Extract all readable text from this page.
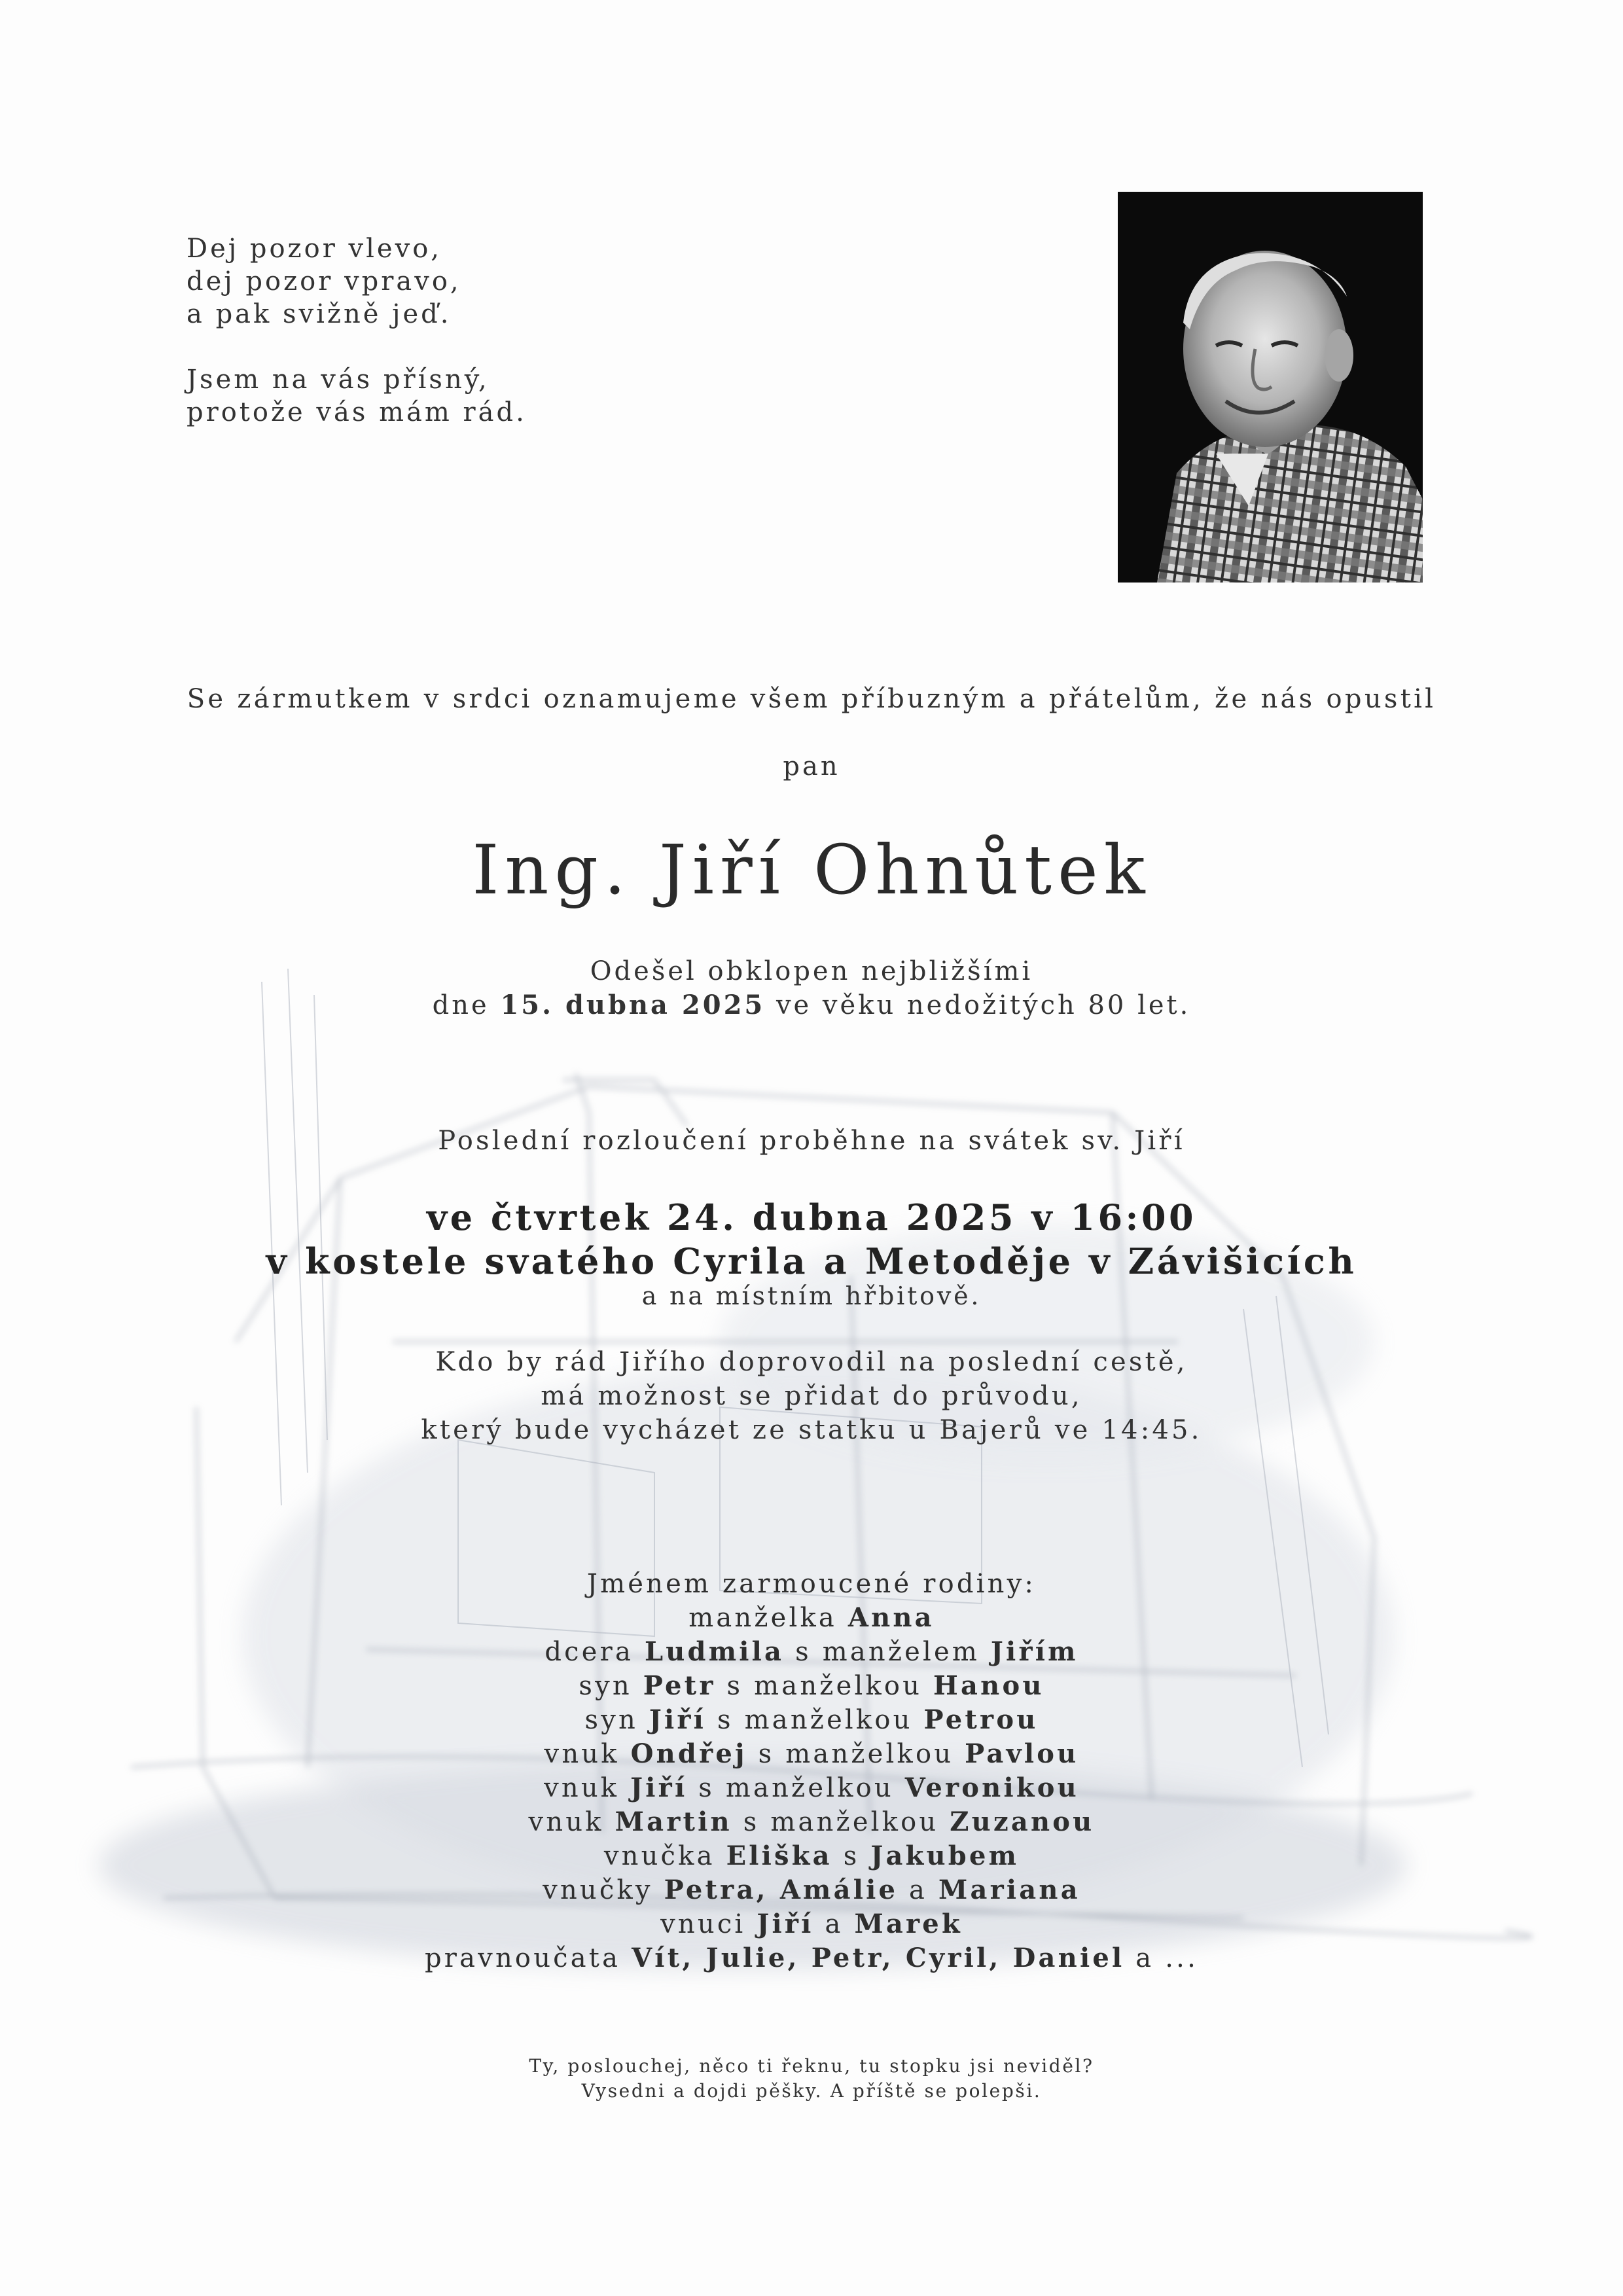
Dej pozor vlevo,
dej pozor vpravo,
a pak svižně jeď.
Jsem na vás přísný,
protože vás mám rád.
Se zármutkem v srdci oznamujeme všem příbuzným a přátelům, že nás opustil
pan
Ing. Jiří Ohnůtek
Odešel obklopen nejbližšími
dne 15. dubna 2025 ve věku nedožitých 80 let.
Poslední rozloučení proběhne na svátek sv. Jiří
ve čtvrtek 24. dubna 2025 v 16:00
v kostele svatého Cyrila a Metoděje v Závišicích
a na místním hřbitově.
Kdo by rád Jiřího doprovodil na poslední cestě,
má možnost se přidat do průvodu,
který bude vycházet ze statku u Bajerů ve 14:45.
Jménem zarmoucené rodiny:
manželka Anna
dcera Ludmila s manželem Jiřím
syn Petr s manželkou Hanou
syn Jiří s manželkou Petrou
vnuk Ondřej s manželkou Pavlou
vnuk Jiří s manželkou Veronikou
vnuk Martin s manželkou Zuzanou
vnučka Eliška s Jakubem
vnučky Petra, Amálie a Mariana
vnuci Jiří a Marek
pravnoučata Vít, Julie, Petr, Cyril, Daniel a ...
Ty, poslouchej, něco ti řeknu, tu stopku jsi neviděl?
Vysedni a dojdi pěšky. A příště se polepši.
